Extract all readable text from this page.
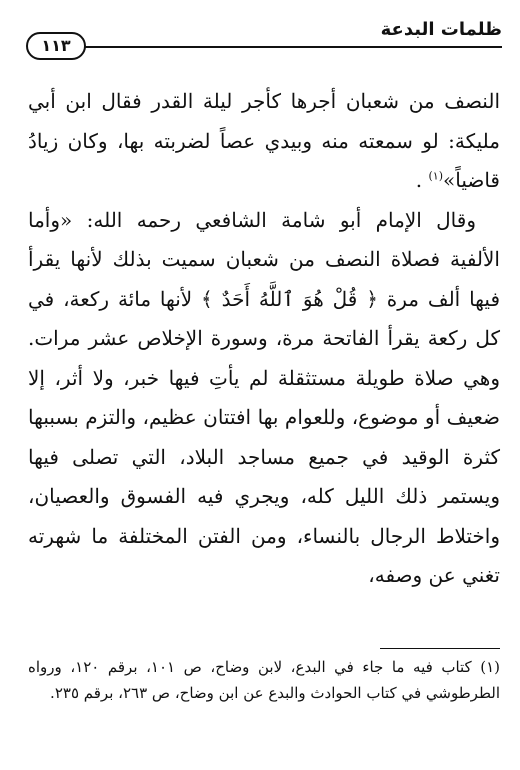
ظلمات البدعة
١١٣

النصف من شعبان أجرها كأجر ليلة القدر فقال ابن أبي مليكة: لو سمعته منه وبيدي عصاً لضربته بها، وكان زيادُ قاضياً»$^{(١)}$ .

وقال الإمام أبو شامة الشافعي رحمه الله: «وأما الألفية فصلاة النصف من شعبان سميت بذلك لأنها يقرأ فيها ألف مرة ﴿ قُلْ هُوَ ٱللَّهُ أَحَدٌ ﴾ لأنها مائة ركعة، في كل ركعة يقرأ الفاتحة مرة، وسورة الإخلاص عشر مرات. وهي صلاة طويلة مستثقلة لم يأتِ فيها خبر، ولا أثر، إلا ضعيف أو موضوع، وللعوام بها افتتان عظيم، والتزم بسببها كثرة الوقيد في جميع مساجد البلاد، التي تصلى فيها ويستمر ذلك الليل كله، ويجري فيه الفسوق والعصيان، واختلاط الرجال بالنساء، ومن الفتن المختلفة ما شهرته تغني عن وصفه،

(١) كتاب فيه ما جاء في البدع، لابن وضاح، ص ١٠١، برقم ١٢٠، ورواه الطرطوشي في كتاب الحوادث والبدع عن ابن وضاح، ص ٢٦٣، برقم ٢٣٥.
